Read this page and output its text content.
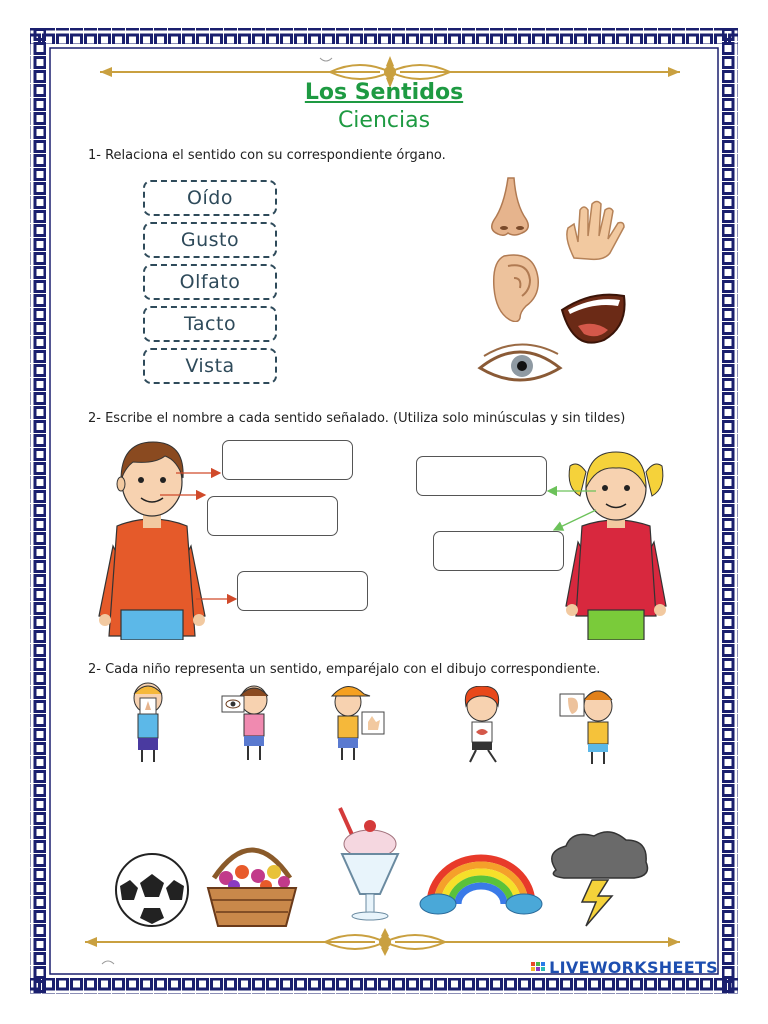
Los Sentidos
Ciencias
1- Relaciona el sentido con su correspondiente órgano.
Oído
Gusto
Olfato
Tacto
Vista
2- Escribe el nombre a cada sentido señalado. (Utiliza solo minúsculas y sin tildes)
2- Cada niño representa un sentido, emparéjalo con el dibujo correspondiente.
LIVEWORKSHEETS
